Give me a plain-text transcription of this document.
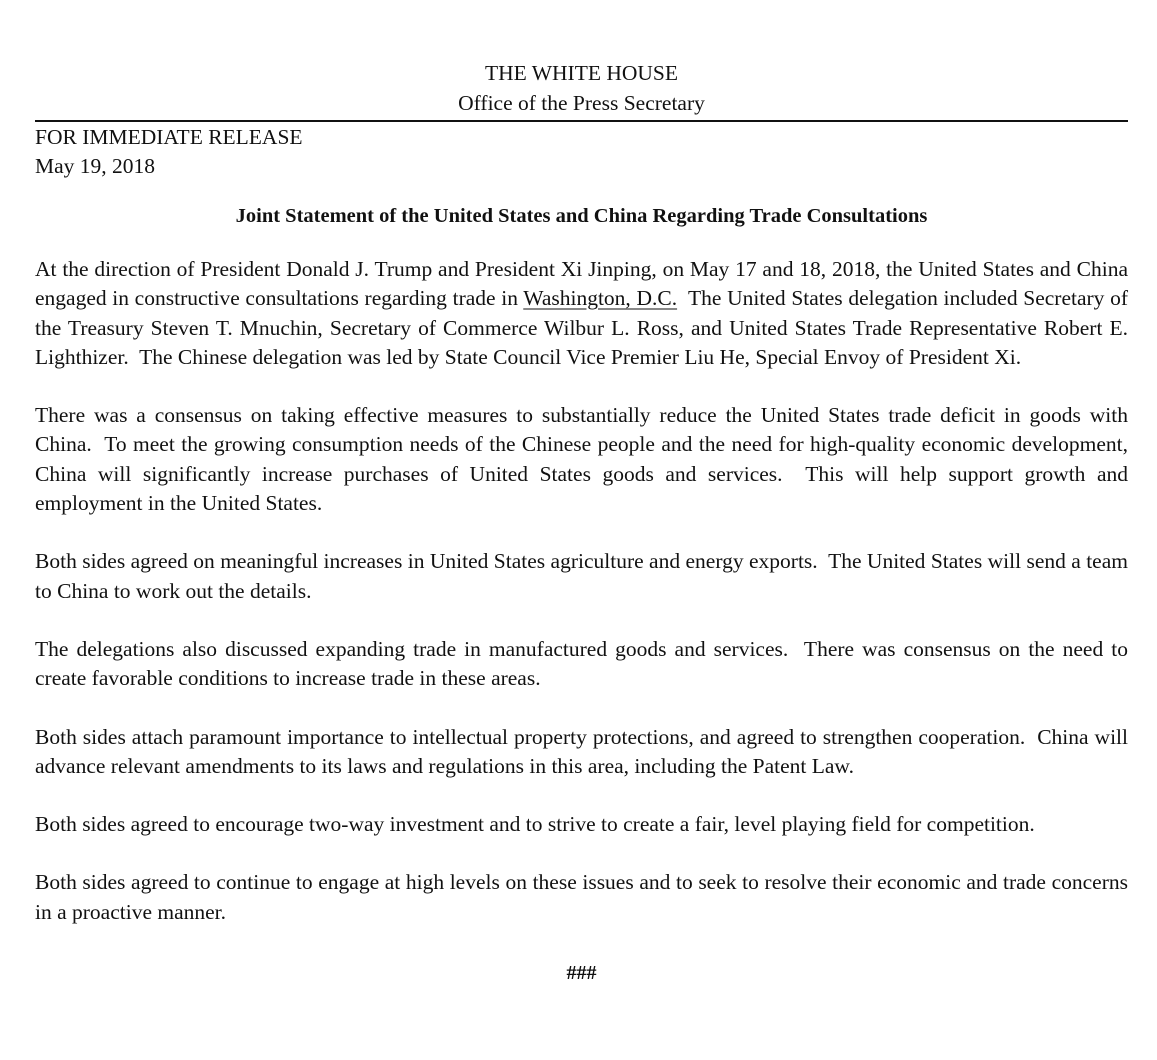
THE WHITE HOUSE
Office of the Press Secretary
FOR IMMEDIATE RELEASE
May 19, 2018
Joint Statement of the United States and China Regarding Trade Consultations

At the direction of President Donald J. Trump and President Xi Jinping, on May 17 and 18, 2018, the United States and China engaged in constructive consultations regarding trade in Washington, D.C.  The United States delegation included Secretary of the Treasury Steven T. Mnuchin, Secretary of Commerce Wilbur L. Ross, and United States Trade Representative Robert E. Lighthizer.  The Chinese delegation was led by State Council Vice Premier Liu He, Special Envoy of President Xi.

There was a consensus on taking effective measures to substantially reduce the United States trade deficit in goods with China.  To meet the growing consumption needs of the Chinese people and the need for high-quality economic development, China will significantly increase purchases of United States goods and services.  This will help support growth and employment in the United States.

Both sides agreed on meaningful increases in United States agriculture and energy exports.  The United States will send a team to China to work out the details.

The delegations also discussed expanding trade in manufactured goods and services.  There was consensus on the need to create favorable conditions to increase trade in these areas.

Both sides attach paramount importance to intellectual property protections, and agreed to strengthen cooperation.  China will advance relevant amendments to its laws and regulations in this area, including the Patent Law.

Both sides agreed to encourage two-way investment and to strive to create a fair, level playing field for competition.

Both sides agreed to continue to engage at high levels on these issues and to seek to resolve their economic and trade concerns in a proactive manner.

###
